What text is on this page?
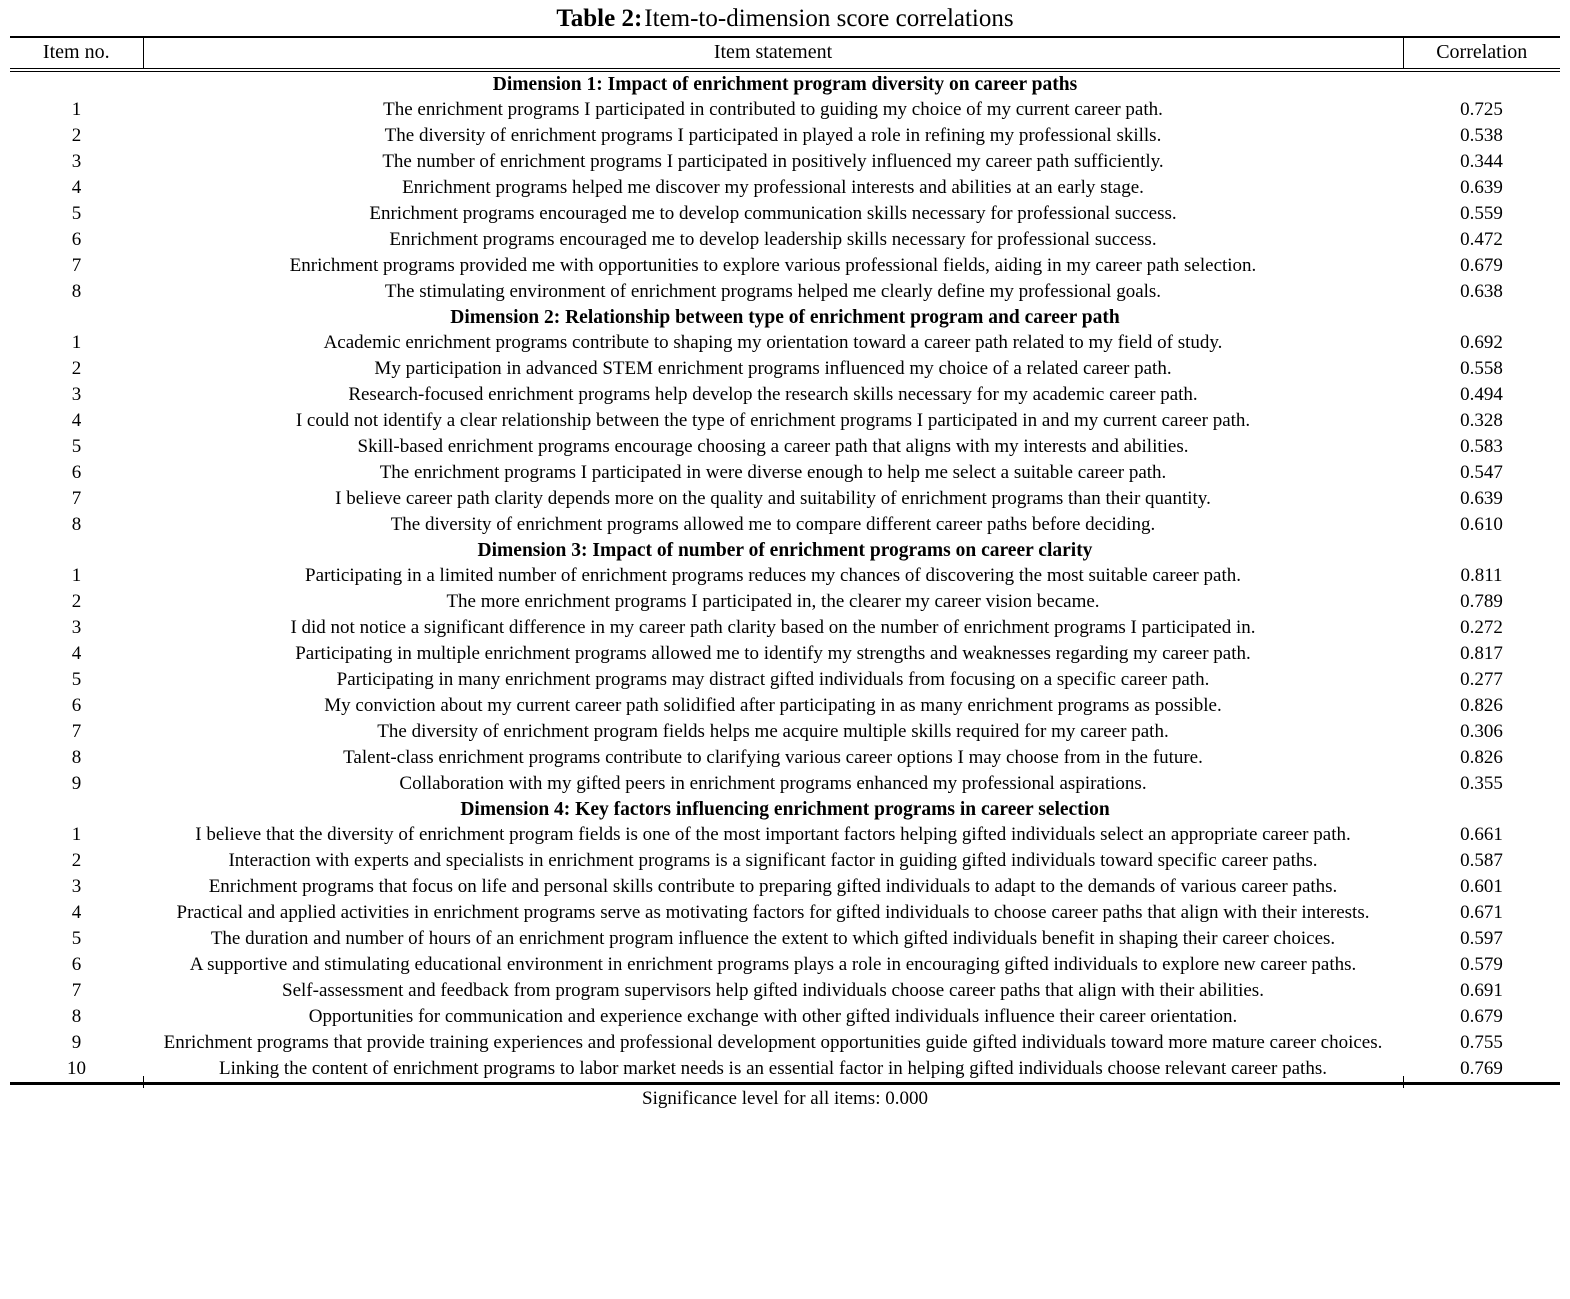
Table 2:Item-to-dimension score correlations
Item no.	Item statement	Correlation
Dimension 1: Impact of enrichment program diversity on career paths		
1	The enrichment programs I participated in contributed to guiding my choice of my current career path.	0.725
2	The diversity of enrichment programs I participated in played a role in refining my professional skills.	0.538
3	The number of enrichment programs I participated in positively influenced my career path sufficiently.	0.344
4	Enrichment programs helped me discover my professional interests and abilities at an early stage.	0.639
5	Enrichment programs encouraged me to develop communication skills necessary for professional success.	0.559
6	Enrichment programs encouraged me to develop leadership skills necessary for professional success.	0.472
7	Enrichment programs provided me with opportunities to explore various professional fields, aiding in my career path selection.	0.679
8	The stimulating environment of enrichment programs helped me clearly define my professional goals.	0.638
Dimension 2: Relationship between type of enrichment program and career path		
1	Academic enrichment programs contribute to shaping my orientation toward a career path related to my field of study.	0.692
2	My participation in advanced STEM enrichment programs influenced my choice of a related career path.	0.558
3	Research-focused enrichment programs help develop the research skills necessary for my academic career path.	0.494
4	I could not identify a clear relationship between the type of enrichment programs I participated in and my current career path.	0.328
5	Skill-based enrichment programs encourage choosing a career path that aligns with my interests and abilities.	0.583
6	The enrichment programs I participated in were diverse enough to help me select a suitable career path.	0.547
7	I believe career path clarity depends more on the quality and suitability of enrichment programs than their quantity.	0.639
8	The diversity of enrichment programs allowed me to compare different career paths before deciding.	0.610
Dimension 3: Impact of number of enrichment programs on career clarity		
1	Participating in a limited number of enrichment programs reduces my chances of discovering the most suitable career path.	0.811
2	The more enrichment programs I participated in, the clearer my career vision became.	0.789
3	I did not notice a significant difference in my career path clarity based on the number of enrichment programs I participated in.	0.272
4	Participating in multiple enrichment programs allowed me to identify my strengths and weaknesses regarding my career path.	0.817
5	Participating in many enrichment programs may distract gifted individuals from focusing on a specific career path.	0.277
6	My conviction about my current career path solidified after participating in as many enrichment programs as possible.	0.826
7	The diversity of enrichment program fields helps me acquire multiple skills required for my career path.	0.306
8	Talent-class enrichment programs contribute to clarifying various career options I may choose from in the future.	0.826
9	Collaboration with my gifted peers in enrichment programs enhanced my professional aspirations.	0.355
Dimension 4: Key factors influencing enrichment programs in career selection		
1	I believe that the diversity of enrichment program fields is one of the most important factors helping gifted individuals select an appropriate career path.	0.661
2	Interaction with experts and specialists in enrichment programs is a significant factor in guiding gifted individuals toward specific career paths.	0.587
3	Enrichment programs that focus on life and personal skills contribute to preparing gifted individuals to adapt to the demands of various career paths.	0.601
4	Practical and applied activities in enrichment programs serve as motivating factors for gifted individuals to choose career paths that align with their interests.	0.671
5	The duration and number of hours of an enrichment program influence the extent to which gifted individuals benefit in shaping their career choices.	0.597
6	A supportive and stimulating educational environment in enrichment programs plays a role in encouraging gifted individuals to explore new career paths.	0.579
7	Self-assessment and feedback from program supervisors help gifted individuals choose career paths that align with their abilities.	0.691
8	Opportunities for communication and experience exchange with other gifted individuals influence their career orientation.	0.679
9	Enrichment programs that provide training experiences and professional development opportunities guide gifted individuals toward more mature career choices.	0.755
10	Linking the content of enrichment programs to labor market needs is an essential factor in helping gifted individuals choose relevant career paths.	0.769

Significance level for all items: 0.000		
